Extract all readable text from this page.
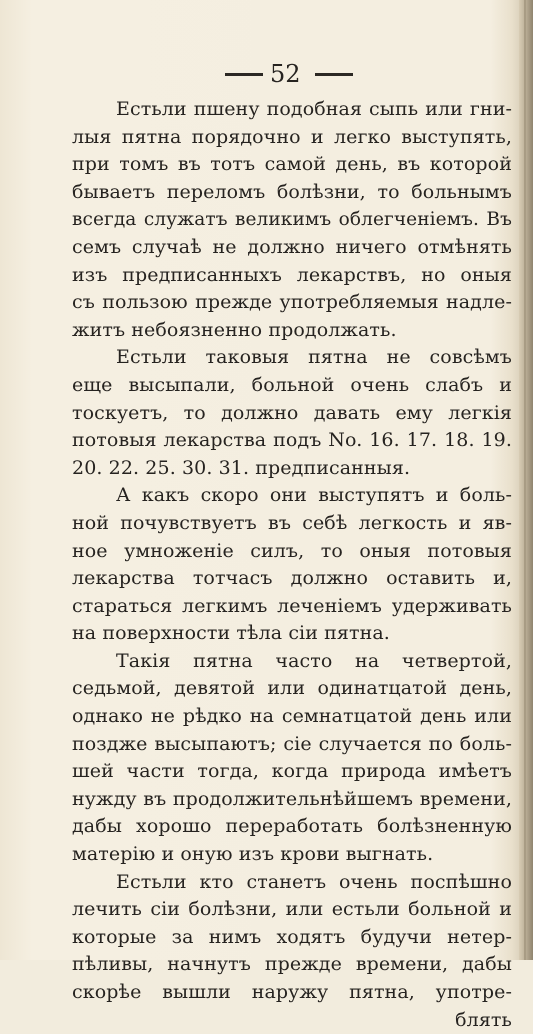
52
Естьли пшену подобная сыпь или гни-
лыя пятна порядочно и легко выступять,
при томъ въ тотъ самой день, въ которой
бываетъ переломъ болѣзни, то больнымъ
всегда служатъ великимъ облегченiемъ. Въ
семъ случаѣ не должно ничего отмѣнять
изъ предписанныхъ лекарствъ, но оныя
съ пользою прежде употребляемыя надле-
житъ небоязненно продолжать.
Естьли таковыя пятна не совсѣмъ
еще высыпали, больной очень слабъ и
тоскуетъ, то должно давать ему легкiя
потовыя лекарства подъ No. 16. 17. 18. 19.
20. 22. 25. 30. 31. предписанныя.
А какъ скоро они выступятъ и боль-
ной почувствуетъ въ себѣ легкость и яв-
ное умноженiе силъ, то оныя потовыя
лекарства тотчасъ должно оставить и,
стараться легкимъ леченiемъ удерживать
на поверхности тѣла сiи пятна.
Такiя пятна часто на четвертой,
седьмой, девятой или одинатцатой день,
однако не рѣдко на семнатцатой день или
поздже высыпаютъ; сiе случается по боль-
шей части тогда, когда природа имѣетъ
нужду въ продолжительнѣйшемъ времени,
дабы хорошо переработать болѣзненную
матерiю и оную изъ крови выгнать.
Естьли кто станетъ очень поспѣшно
лечить сiи болѣзни, или естьли больной и
которые за нимъ ходятъ будучи нетер-
пѣливы, начнутъ прежде времени, дабы
скорѣе вышли наружу пятна, употре-
блять
